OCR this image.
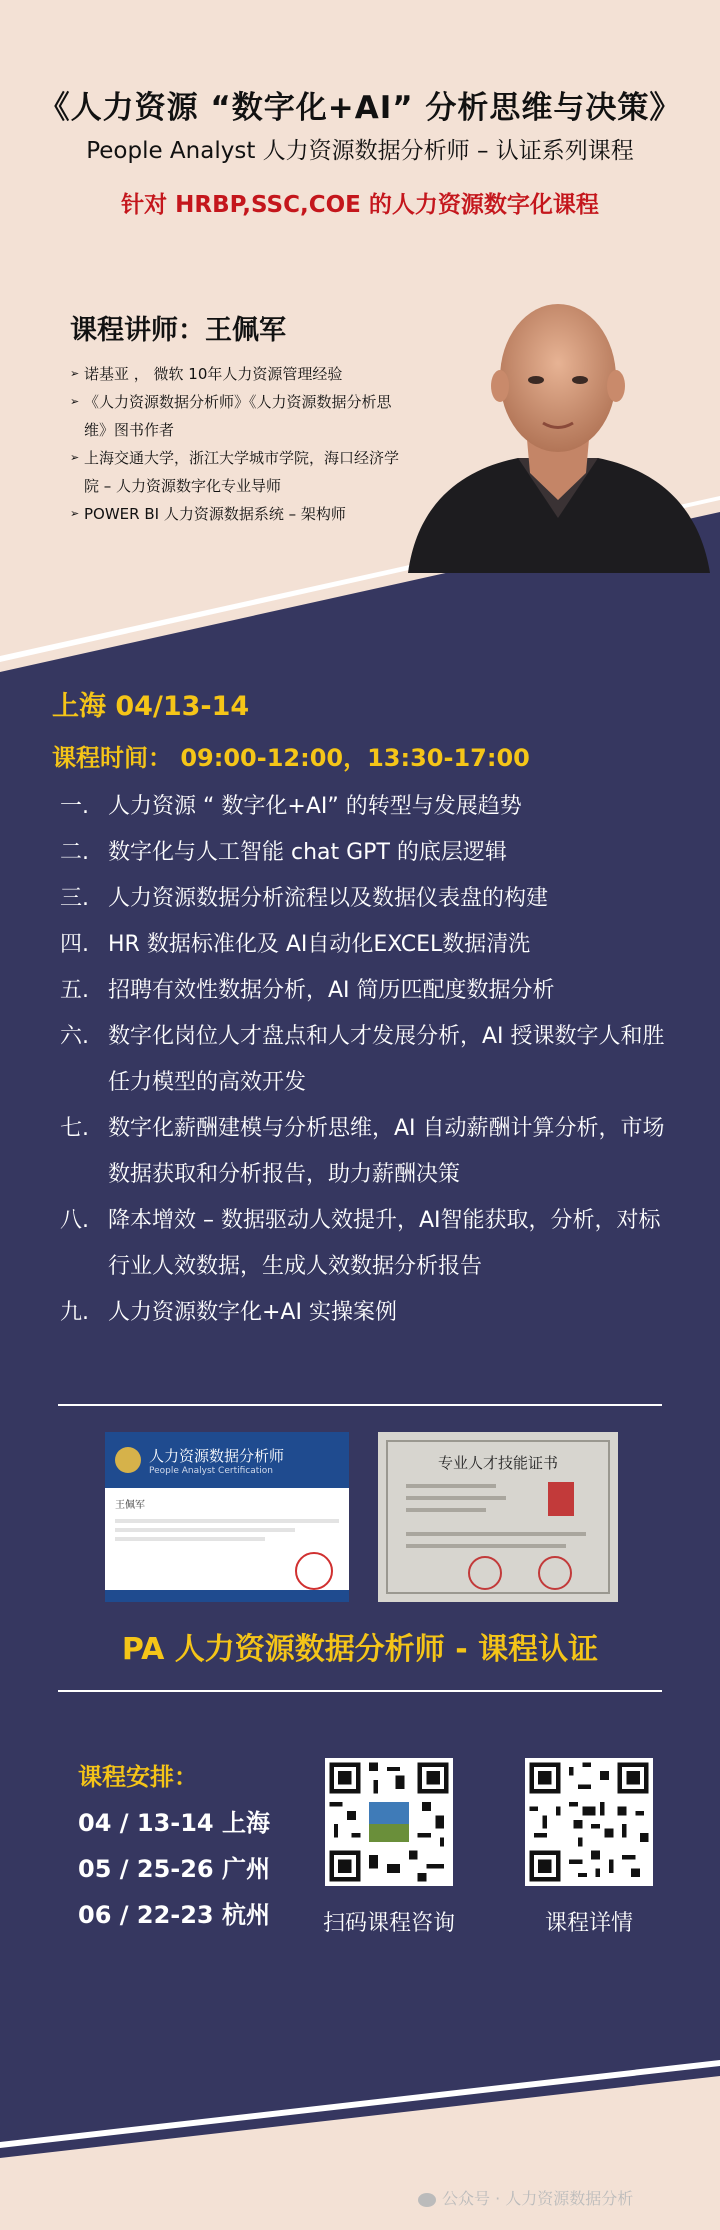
《人力资源 “数字化+AI” 分析思维与决策》
People Analyst 人力资源数据分析师 – 认证系列课程
针对 HRBP,SSC,COE 的人力资源数字化课程
课程讲师：王佩军
➢ 诺基亚 ， 微软 10年人力资源管理经验
➢ 《人力资源数据分析师》《人力资源数据分析思维》图书作者
➢ 上海交通大学，浙江大学城市学院，海口经济学院 – 人力资源数字化专业导师
➢ POWER BI 人力资源数据系统 – 架构师
上海 04/13-14
课程时间： 09:00-12:00，13:30-17:00
一. 人力资源 “ 数字化+AI” 的转型与发展趋势
二. 数字化与人工智能 chat GPT 的底层逻辑
三. 人力资源数据分析流程以及数据仪表盘的构建
四. HR 数据标准化及 AI自动化EXCEL数据清洗
五. 招聘有效性数据分析，AI 简历匹配度数据分析
六. 数字化岗位人才盘点和人才发展分析，AI 授课数字人和胜任力模型的高效开发
七. 数字化薪酬建模与分析思维，AI 自动薪酬计算分析，市场数据获取和分析报告，助力薪酬决策
八. 降本增效 – 数据驱动人效提升，AI智能获取，分析，对标行业人效数据，生成人效数据分析报告
九. 人力资源数字化+AI 实操案例
人力资源数据分析师
People Analyst Certification
王佩军
专业人才技能证书
PA 人力资源数据分析师 - 课程认证
课程安排：
04 / 13-14 上海
05 / 25-26 广州
06 / 22-23 杭州	扫码课程咨询	课程详情
公众号 · 人力资源数据分析
